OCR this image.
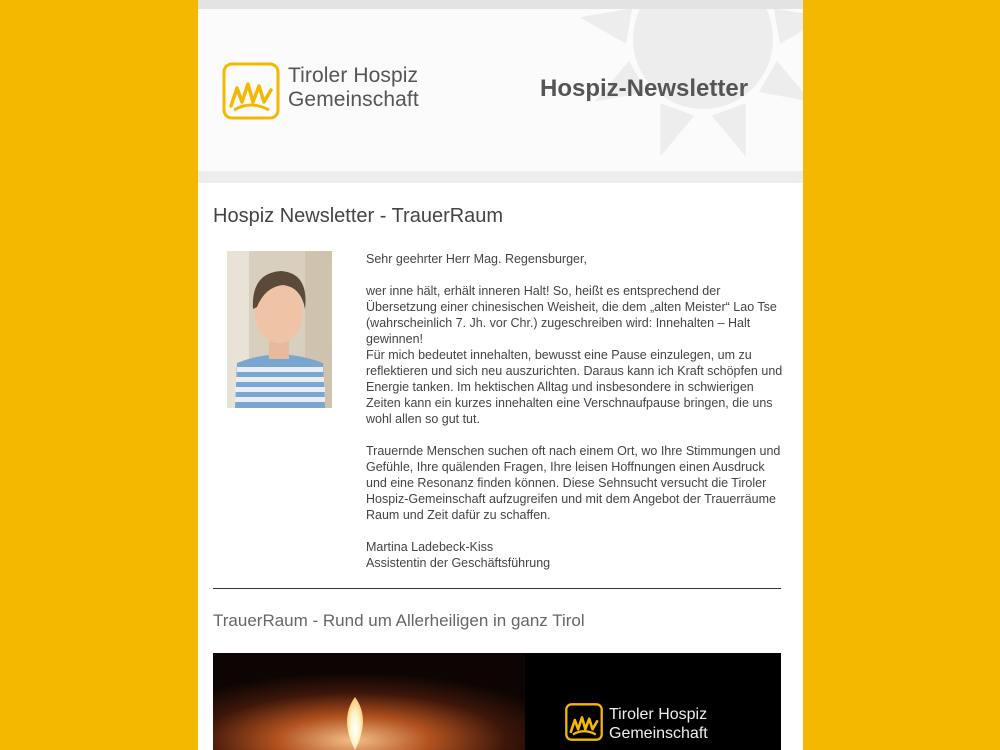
Tiroler Hospiz
Gemeinschaft	Hospiz-Newsletter
Hospiz Newsletter - TrauerRaum

Sehr geehrter Herr Mag. Regensburger,

wer inne hält, erhält inneren Halt! So, heißt es entsprechend der Übersetzung einer chinesischen Weisheit, die dem „alten Meister“ Lao Tse (wahrscheinlich 7. Jh. vor Chr.) zugeschreiben wird: Innehalten – Halt gewinnen!

Für mich bedeutet innehalten, bewusst eine Pause einzulegen, um zu reflektieren und sich neu auszurichten. Daraus kann ich Kraft schöpfen und Energie tanken. Im hektischen Alltag und insbesondere in schwierigen Zeiten kann ein kurzes innehalten eine Verschnaufpause bringen, die uns wohl allen so gut tut.

Trauernde Menschen suchen oft nach einem Ort, wo Ihre Stimmungen und Gefühle, Ihre quälenden Fragen, Ihre leisen Hoffnungen einen Ausdruck und eine Resonanz finden können. Diese Sehnsucht versucht die Tiroler Hospiz-Gemeinschaft aufzugreifen und mit dem Angebot der Trauerräume Raum und Zeit dafür zu schaffen.

Martina Ladebeck-Kiss

Assistentin der Geschäftsführung

TrauerRaum - Rund um Allerheiligen in ganz Tirol
Tiroler Hospiz
Gemeinschaft
